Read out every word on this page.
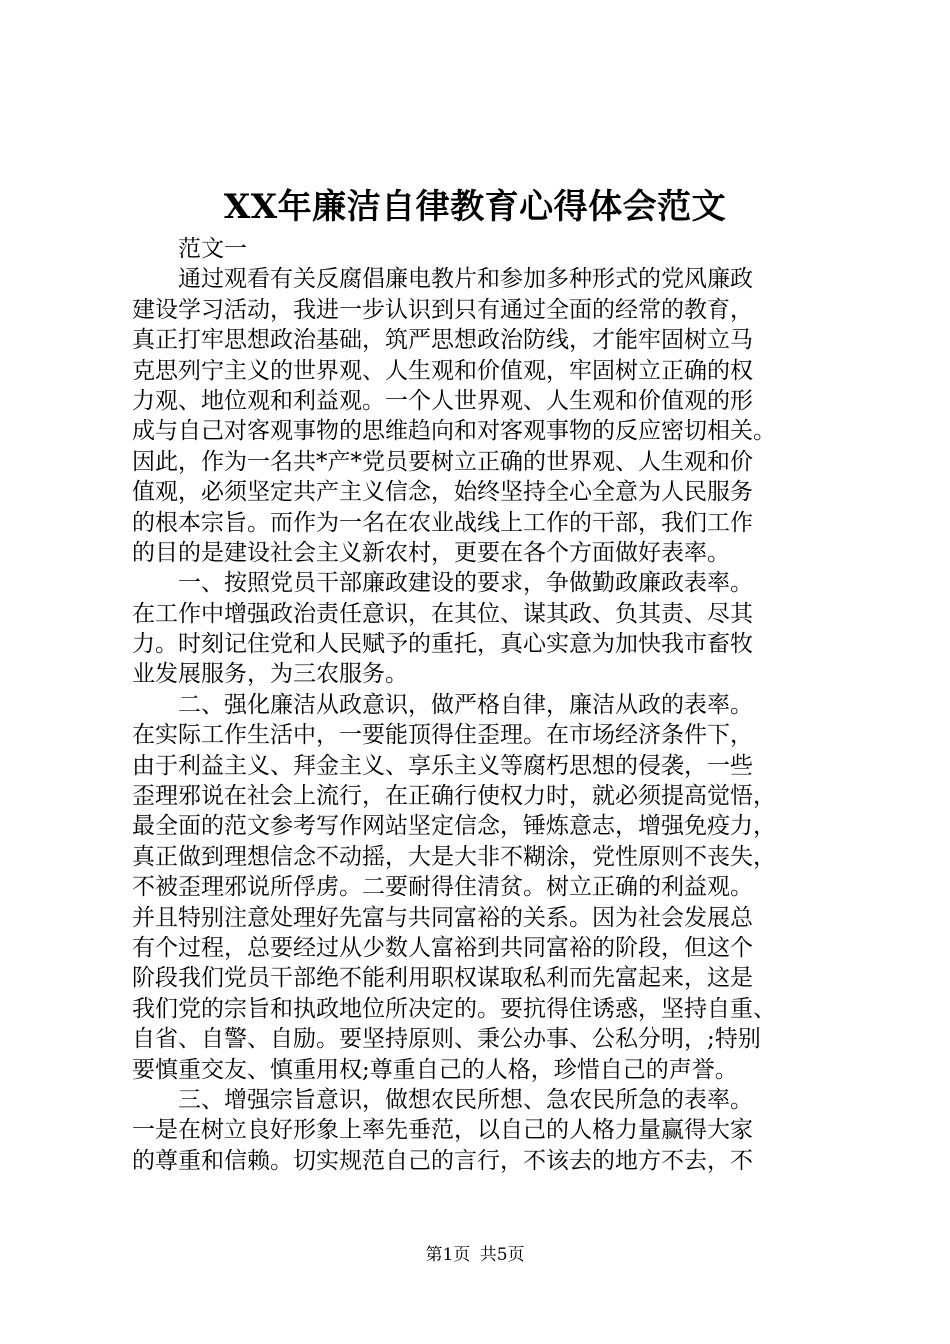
XX年廉洁自律教育心得体会范文
范文一
通过观看有关反腐倡廉电教片和参加多种形式的党风廉政
建设学习活动，我进一步认识到只有通过全面的经常的教育，
真正打牢思想政治基础，筑严思想政治防线，才能牢固树立马
克思列宁主义的世界观、人生观和价值观，牢固树立正确的权
力观、地位观和利益观。一个人世界观、人生观和价值观的形
成与自己对客观事物的思维趋向和对客观事物的反应密切相关。
因此，作为一名共*产*党员要树立正确的世界观、人生观和价
值观，必须坚定共产主义信念，始终坚持全心全意为人民服务
的根本宗旨。而作为一名在农业战线上工作的干部，我们工作
的目的是建设社会主义新农村，更要在各个方面做好表率。
一、按照党员干部廉政建设的要求，争做勤政廉政表率。
在工作中增强政治责任意识，在其位、谋其政、负其责、尽其
力。时刻记住党和人民赋予的重托，真心实意为加快我市畜牧
业发展服务，为三农服务。
二、强化廉洁从政意识，做严格自律，廉洁从政的表率。
在实际工作生活中，一要能顶得住歪理。在市场经济条件下，
由于利益主义、拜金主义、享乐主义等腐朽思想的侵袭，一些
歪理邪说在社会上流行，在正确行使权力时，就必须提高觉悟，
最全面的范文参考写作网站坚定信念，锤炼意志，增强免疫力，
真正做到理想信念不动摇，大是大非不糊涂，党性原则不丧失，
不被歪理邪说所俘虏。二要耐得住清贫。树立正确的利益观。
并且特别注意处理好先富与共同富裕的关系。因为社会发展总
有个过程，总要经过从少数人富裕到共同富裕的阶段，但这个
阶段我们党员干部绝不能利用职权谋取私利而先富起来，这是
我们党的宗旨和执政地位所决定的。要抗得住诱惑，坚持自重、
自省、自警、自励。要坚持原则、秉公办事、公私分明，;特别
要慎重交友、慎重用权;尊重自己的人格，珍惜自己的声誉。
三、增强宗旨意识，做想农民所想、急农民所急的表率。
一是在树立良好形象上率先垂范，以自己的人格力量赢得大家
的尊重和信赖。切实规范自己的言行，不该去的地方不去，不
第1页 共5页
